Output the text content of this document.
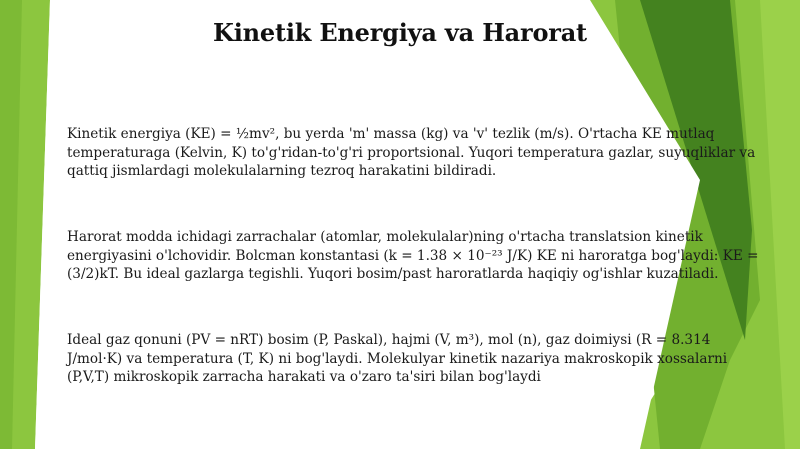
Kinetik Energiya va Harorat

Kinetik energiya (KE) = ½mv², bu yerda 'm' massa (kg) va 'v' tezlik (m/s). O'rtacha KE mutlaq temperaturaga (Kelvin, K) to'g'ridan-to'g'ri proportsional. Yuqori temperatura gazlar, suyuqliklar va qattiq jismlardagi molekulalarning tezroq harakatini bildiradi.

Harorat modda ichidagi zarrachalar (atomlar, molekulalar)ning o'rtacha translatsion kinetik energiyasini o'lchovidir. Bolcman konstantasi (k = 1.38 × 10⁻²³ J/K) KE ni haroratga bog'laydi: KE = (3/2)kT. Bu ideal gazlarga tegishli. Yuqori bosim/past haroratlarda haqiqiy og'ishlar kuzatiladi.

Ideal gaz qonuni (PV = nRT) bosim (P, Paskal), hajmi (V, m³), mol (n), gaz doimiysi (R = 8.314 J/mol·K) va temperatura (T, K) ni bog'laydi. Molekulyar kinetik nazariya makroskopik xossalarni (P,V,T) mikroskopik zarracha harakati va o'zaro ta'siri bilan bog'laydi
